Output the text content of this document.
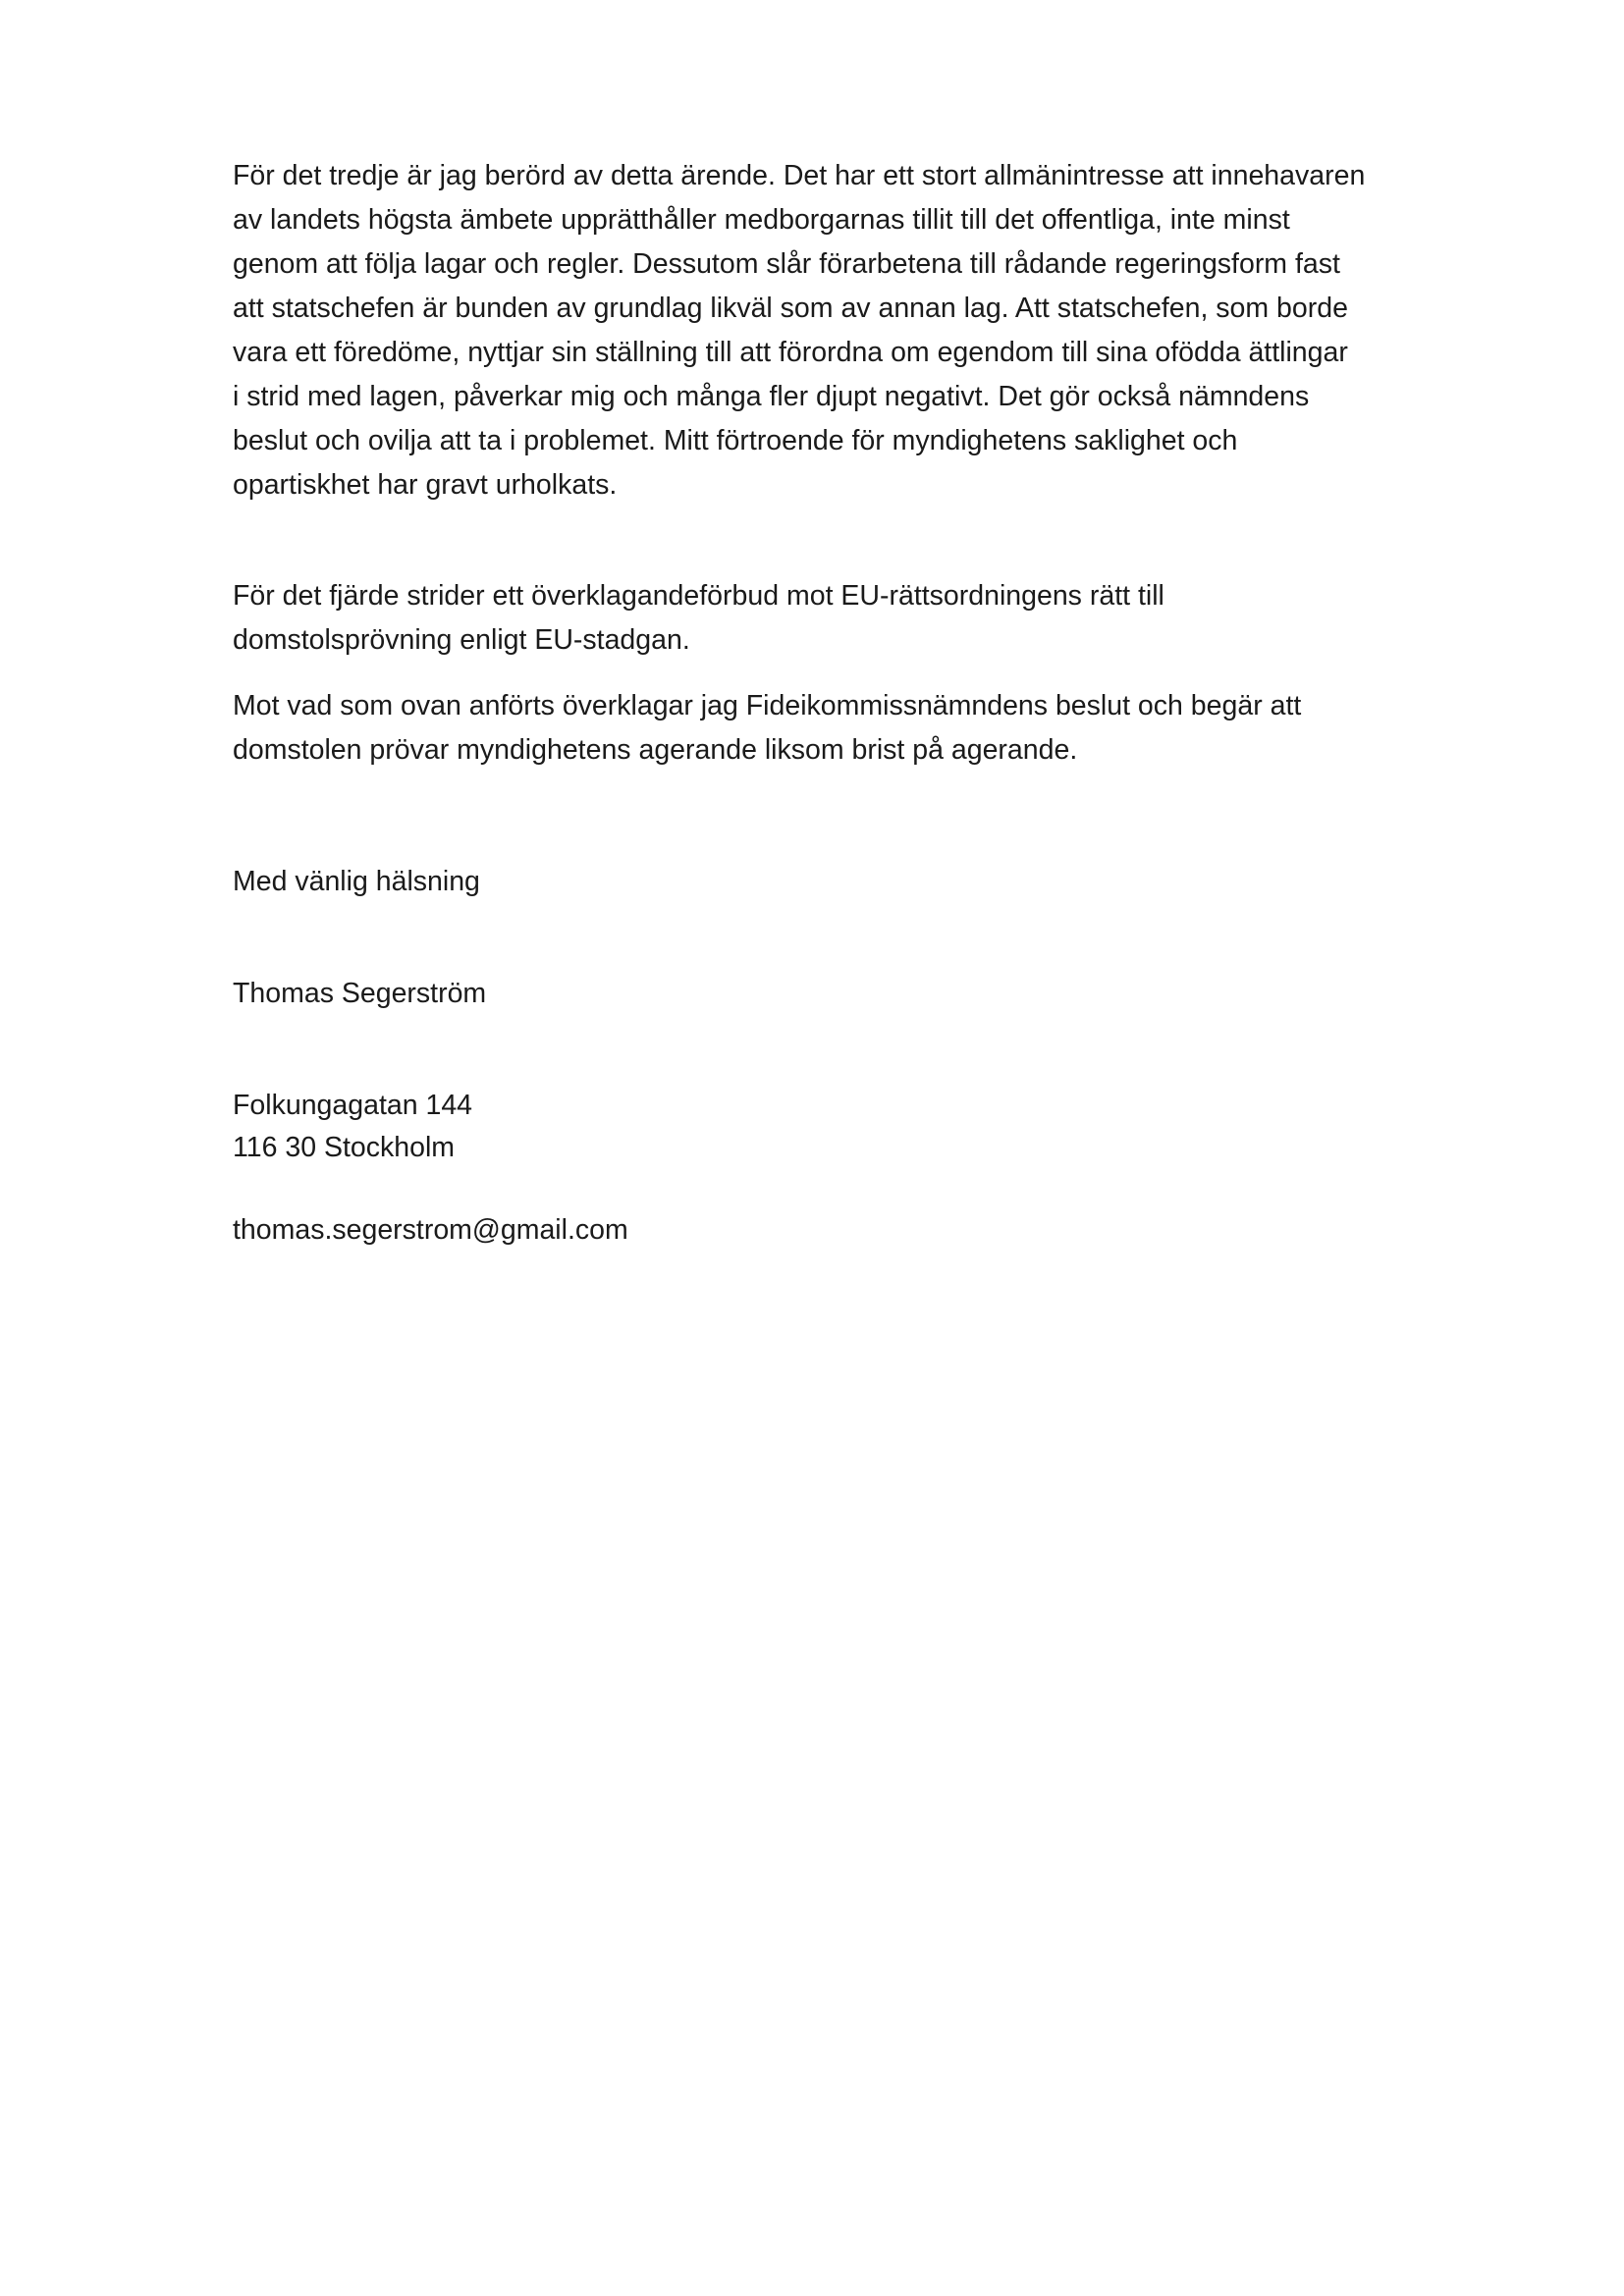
För det tredje är jag berörd av detta ärende. Det har ett stort allmänintresse att innehavaren
av landets högsta ämbete upprätthåller medborgarnas tillit till det offentliga, inte minst
genom att följa lagar och regler. Dessutom slår förarbetena till rådande regeringsform fast
att statschefen är bunden av grundlag likväl som av annan lag. Att statschefen, som borde
vara ett föredöme, nyttjar sin ställning till att förordna om egendom till sina ofödda ättlingar
i strid med lagen, påverkar mig och många fler djupt negativt. Det gör också nämndens
beslut och ovilja att ta i problemet. Mitt förtroende för myndighetens saklighet och
opartiskhet har gravt urholkats.
För det fjärde strider ett överklagandeförbud mot EU-rättsordningens rätt till
domstolsprövning enligt EU-stadgan.
Mot vad som ovan anförts överklagar jag Fideikommissnämndens beslut och begär att
domstolen prövar myndighetens agerande liksom brist på agerande.
Med vänlig hälsning
Thomas Segerström
Folkungagatan 144
116 30 Stockholm
thomas.segerstrom@gmail.com
